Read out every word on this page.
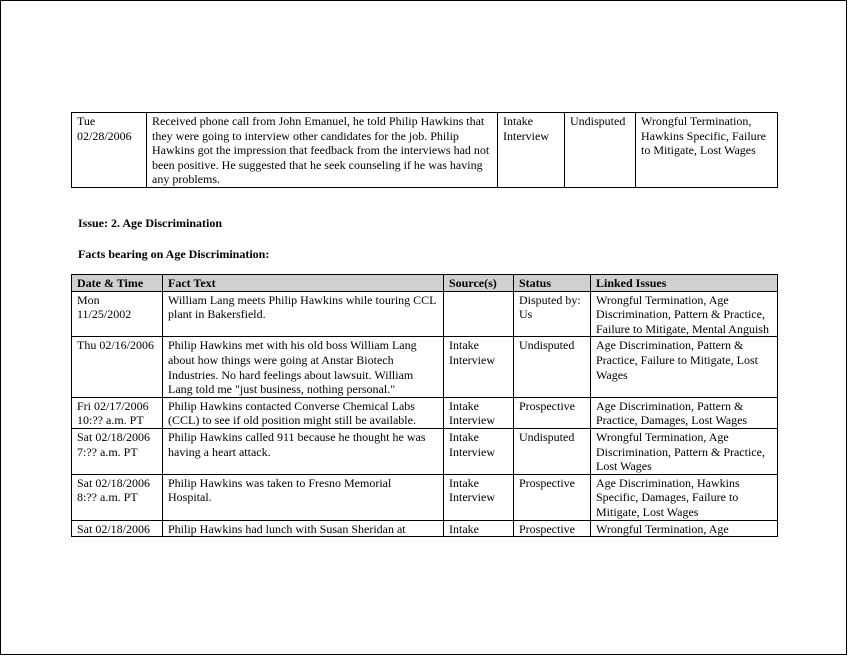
Tue 02/28/2006	Received phone call from John Emanuel, he told Philip Hawkins that they were going to interview other candidates for the job. Philip Hawkins got the impression that feedback from the interviews had not been positive. He suggested that he seek counseling if he was having any problems.	Intake Interview	Undisputed	Wrongful Termination, Hawkins Specific, Failure to Mitigate, Lost Wages
Issue: 2. Age Discrimination
Facts bearing on Age Discrimination:
Date & Time	Fact Text	Source(s)	Status	Linked Issues
Mon 11/25/2002	William Lang meets Philip Hawkins while touring CCL plant in Bakersfield.		Disputed by: Us	Wrongful Termination, Age Discrimination, Pattern & Practice, Failure to Mitigate, Mental Anguish
Thu 02/16/2006	Philip Hawkins met with his old boss William Lang about how things were going at Anstar Biotech Industries. No hard feelings about lawsuit. William Lang told me "just business, nothing personal."	Intake Interview	Undisputed	Age Discrimination, Pattern & Practice, Failure to Mitigate, Lost Wages
Fri 02/17/2006 10:?? a.m. PT	Philip Hawkins contacted Converse Chemical Labs (CCL) to see if old position might still be available.	Intake Interview	Prospective	Age Discrimination, Pattern & Practice, Damages, Lost Wages
Sat 02/18/2006 7:?? a.m. PT	Philip Hawkins called 911 because he thought he was having a heart attack.	Intake Interview	Undisputed	Wrongful Termination, Age Discrimination, Pattern & Practice, Lost Wages
Sat 02/18/2006 8:?? a.m. PT	Philip Hawkins was taken to Fresno Memorial Hospital.	Intake Interview	Prospective	Age Discrimination, Hawkins Specific, Damages, Failure to Mitigate, Lost Wages
Sat 02/18/2006	Philip Hawkins had lunch with Susan Sheridan at	Intake	Prospective	Wrongful Termination, Age
